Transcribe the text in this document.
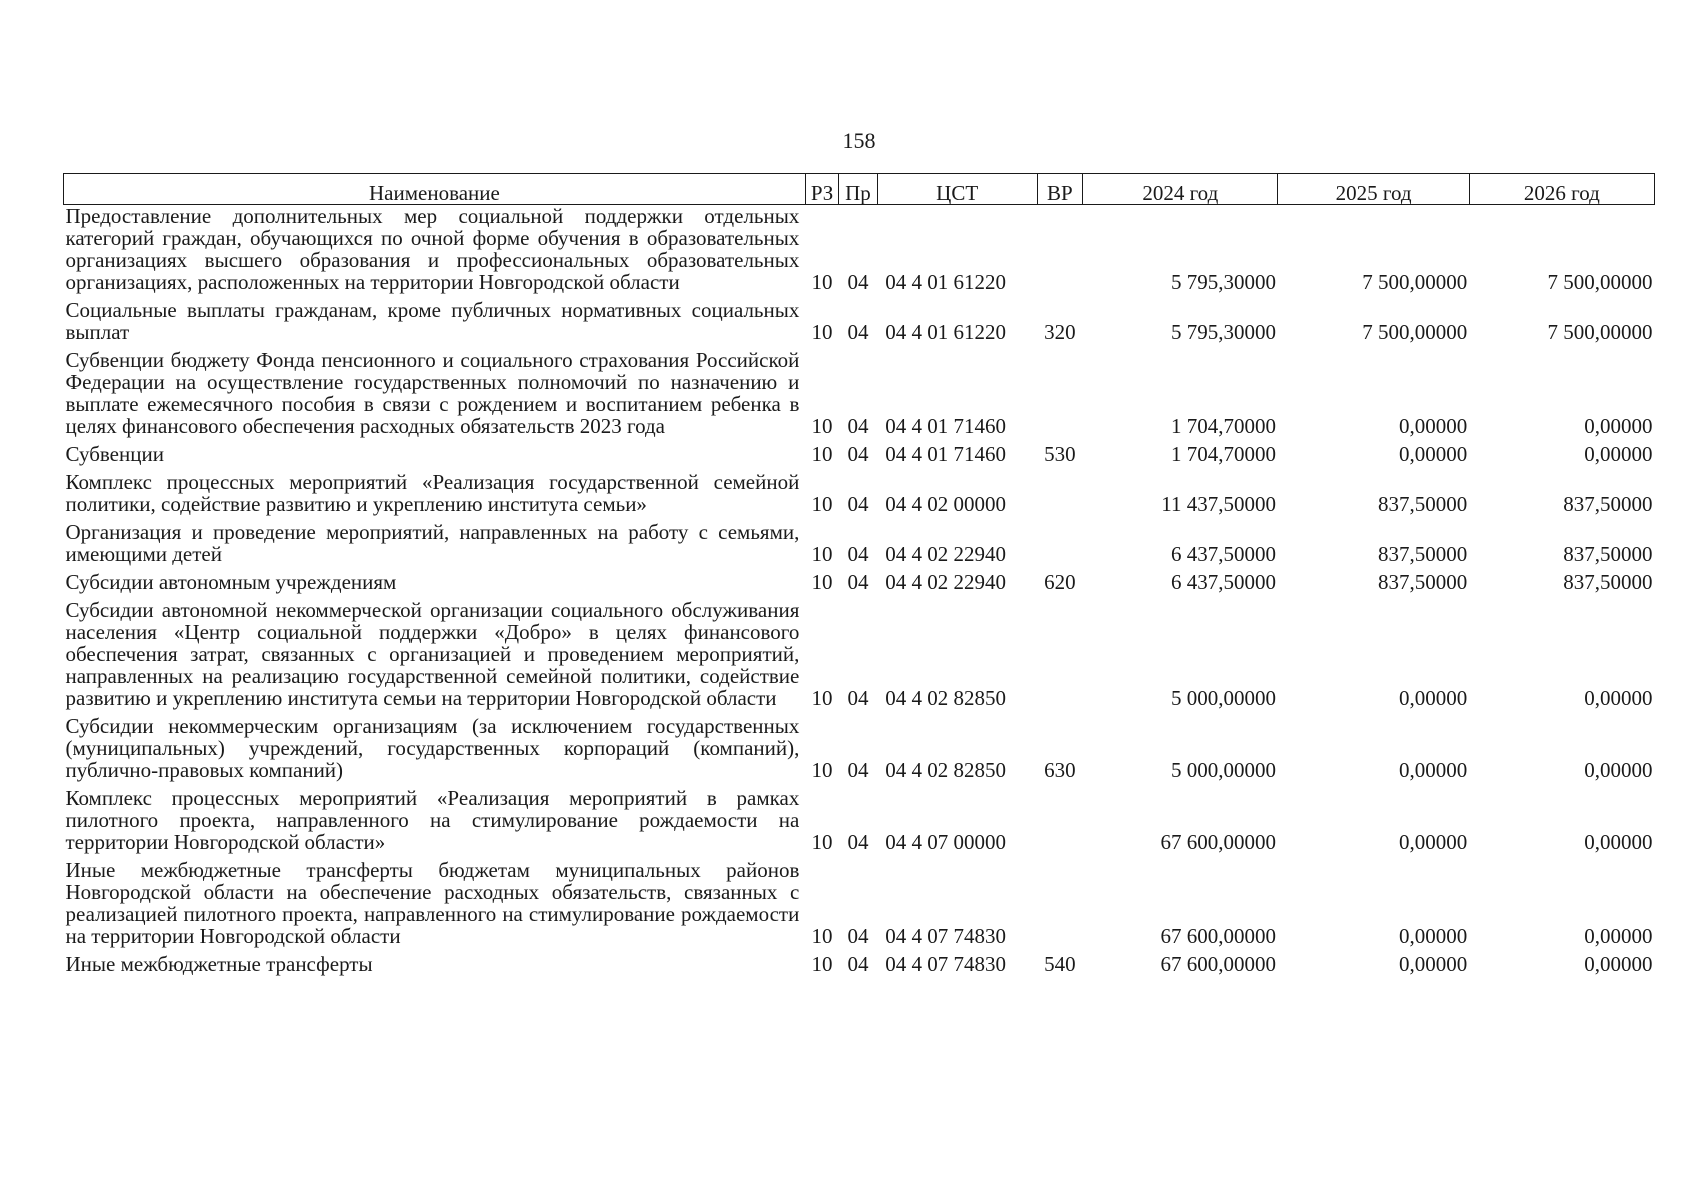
158
Наименование	РЗ	Пр	ЦСТ	ВР	2024 год	2025 год	2026 год
Предоставление дополнительных мер социальной поддержки отдельных категорий граждан, обучающихся по очной форме обучения в образовательных организациях высшего образования и профессиональных образовательных организациях, расположенных на территории Новгородской области	10	04	04 4 01 61220		5 795,30000	7 500,00000	7 500,00000
Социальные выплаты гражданам, кроме публичных нормативных социальных выплат	10	04	04 4 01 61220	320	5 795,30000	7 500,00000	7 500,00000
Субвенции бюджету Фонда пенсионного и социального страхования Российской Федерации на осуществление государственных полномочий по назначению и выплате ежемесячного пособия в связи с рождением и воспитанием ребенка в целях финансового обеспечения расходных обязательств 2023 года	10	04	04 4 01 71460		1 704,70000	0,00000	0,00000
Субвенции	10	04	04 4 01 71460	530	1 704,70000	0,00000	0,00000
Комплекс процессных мероприятий «Реализация государственной семейной политики, содействие развитию и укреплению института семьи»	10	04	04 4 02 00000		11 437,50000	837,50000	837,50000
Организация и проведение мероприятий, направленных на работу с семьями, имеющими детей	10	04	04 4 02 22940		6 437,50000	837,50000	837,50000
Субсидии автономным учреждениям	10	04	04 4 02 22940	620	6 437,50000	837,50000	837,50000
Субсидии автономной некоммерческой организации социального обслуживания населения «Центр социальной поддержки «Добро» в целях финансового обеспечения затрат, связанных с организацией и проведением мероприятий, направленных на реализацию государственной семейной политики, содействие развитию и укреплению института семьи на территории Новгородской области	10	04	04 4 02 82850		5 000,00000	0,00000	0,00000
Субсидии некоммерческим организациям (за исключением государственных (муниципальных) учреждений, государственных корпораций (компаний), публично-правовых компаний)	10	04	04 4 02 82850	630	5 000,00000	0,00000	0,00000
Комплекс процессных мероприятий «Реализация мероприятий в рамках пилотного проекта, направленного на стимулирование рождаемости на территории Новгородской области»	10	04	04 4 07 00000		67 600,00000	0,00000	0,00000
Иные межбюджетные трансферты бюджетам муниципальных районов Новгородской области на обеспечение расходных обязательств, связанных с реализацией пилотного проекта, направленного на стимулирование рождаемости на территории Новгородской области	10	04	04 4 07 74830		67 600,00000	0,00000	0,00000
Иные межбюджетные трансферты	10	04	04 4 07 74830	540	67 600,00000	0,00000	0,00000
